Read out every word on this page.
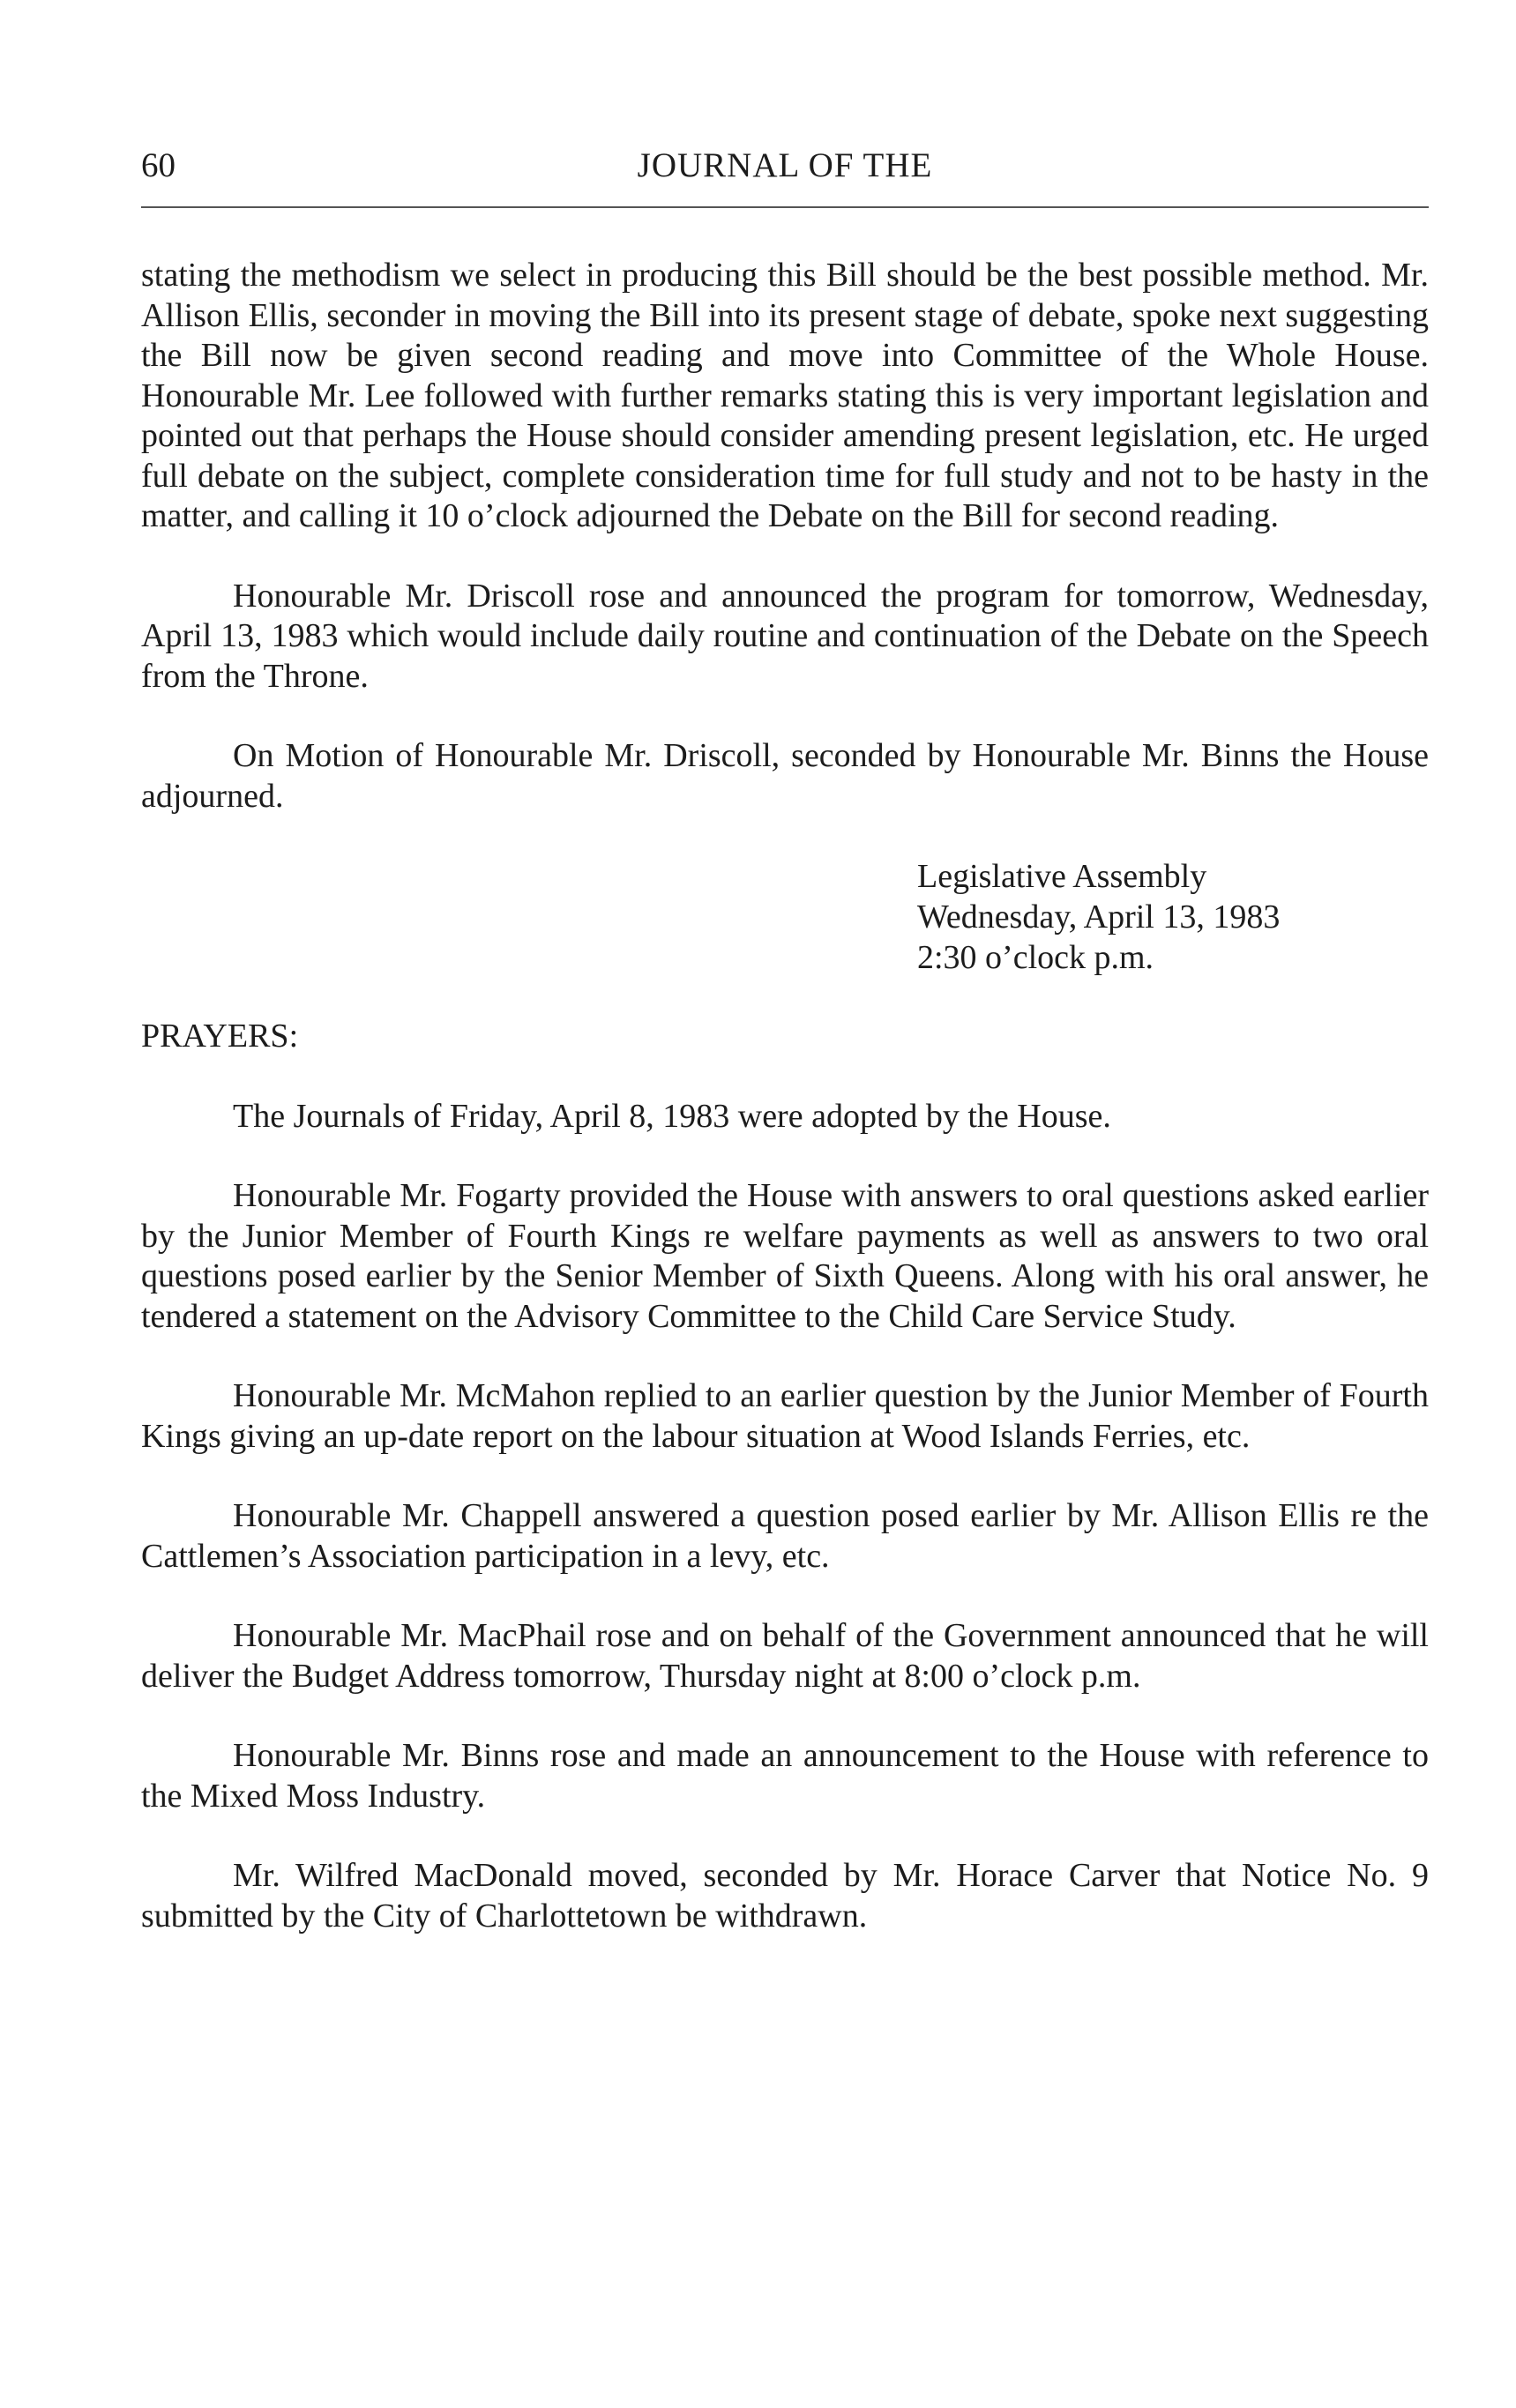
60	JOURNAL OF THE

stating the methodism we select in producing this Bill should be the best possible method. Mr. Allison Ellis, seconder in moving the Bill into its present stage of debate, spoke next suggesting the Bill now be given second reading and move into Committee of the Whole House. Honourable Mr. Lee followed with further remarks stating this is very important legislation and pointed out that perhaps the House should consider amending present legislation, etc. He urged full debate on the subject, complete consideration time for full study and not to be hasty in the matter, and calling it 10 o’clock adjourned the Debate on the Bill for second reading.

Honourable Mr. Driscoll rose and announced the program for tomorrow, Wednesday, April 13, 1983 which would include daily routine and continuation of the Debate on the Speech from the Throne.

On Motion of Honourable Mr. Driscoll, seconded by Honourable Mr. Binns the House adjourned.

Legislative Assembly
Wednesday, April 13, 1983
2:30 o’clock p.m.

PRAYERS:

The Journals of Friday, April 8, 1983 were adopted by the House.

Honourable Mr. Fogarty provided the House with answers to oral questions asked earlier by the Junior Member of Fourth Kings re welfare payments as well as answers to two oral questions posed earlier by the Senior Member of Sixth Queens. Along with his oral answer, he tendered a statement on the Advisory Committee to the Child Care Service Study.

Honourable Mr. McMahon replied to an earlier question by the Junior Member of Fourth Kings giving an up-date report on the labour situation at Wood Islands Ferries, etc.

Honourable Mr. Chappell answered a question posed earlier by Mr. Allison Ellis re the Cattlemen’s Association participation in a levy, etc.

Honourable Mr. MacPhail rose and on behalf of the Government announced that he will deliver the Budget Address tomorrow, Thursday night at 8:00 o’clock p.m.

Honourable Mr. Binns rose and made an announcement to the House with reference to the Mixed Moss Industry.

Mr. Wilfred MacDonald moved, seconded by Mr. Horace Carver that Notice No. 9 submitted by the City of Charlottetown be withdrawn.
